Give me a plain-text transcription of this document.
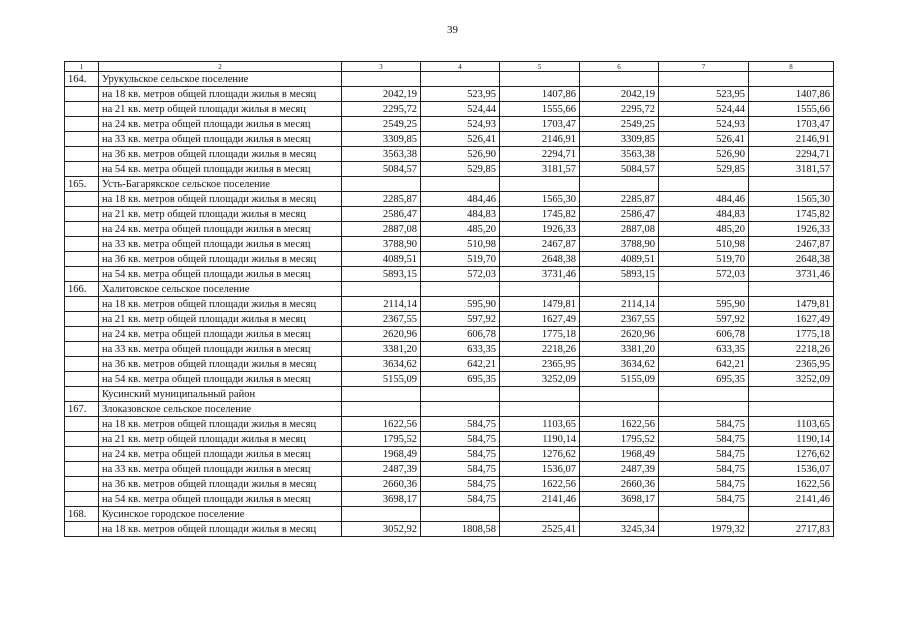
39
1	2	3	4	5	6	7	8
164.	Урукульское сельское поселение						
	на 18 кв. метров общей площади жилья в месяц	2042,19	523,95	1407,86	2042,19	523,95	1407,86
	на 21 кв. метр общей площади жилья в месяц	2295,72	524,44	1555,66	2295,72	524,44	1555,66
	на 24 кв. метра общей площади жилья в месяц	2549,25	524,93	1703,47	2549,25	524,93	1703,47
	на 33 кв. метра общей площади жилья в месяц	3309,85	526,41	2146,91	3309,85	526,41	2146,91
	на 36 кв. метров общей площади жилья в месяц	3563,38	526,90	2294,71	3563,38	526,90	2294,71
	на 54 кв. метра общей площади жилья в месяц	5084,57	529,85	3181,57	5084,57	529,85	3181,57
165.	Усть-Багарякское сельское поселение						
	на 18 кв. метров общей площади жилья в месяц	2285,87	484,46	1565,30	2285,87	484,46	1565,30
	на 21 кв. метр общей площади жилья в месяц	2586,47	484,83	1745,82	2586,47	484,83	1745,82
	на 24 кв. метра общей площади жилья в месяц	2887,08	485,20	1926,33	2887,08	485,20	1926,33
	на 33 кв. метра общей площади жилья в месяц	3788,90	510,98	2467,87	3788,90	510,98	2467,87
	на 36 кв. метров общей площади жилья в месяц	4089,51	519,70	2648,38	4089,51	519,70	2648,38
	на 54 кв. метра общей площади жилья в месяц	5893,15	572,03	3731,46	5893,15	572,03	3731,46
166.	Халитовское сельское поселение						
	на 18 кв. метров общей площади жилья в месяц	2114,14	595,90	1479,81	2114,14	595,90	1479,81
	на 21 кв. метр общей площади жилья в месяц	2367,55	597,92	1627,49	2367,55	597,92	1627,49
	на 24 кв. метра общей площади жилья в месяц	2620,96	606,78	1775,18	2620,96	606,78	1775,18
	на 33 кв. метра общей площади жилья в месяц	3381,20	633,35	2218,26	3381,20	633,35	2218,26
	на 36 кв. метров общей площади жилья в месяц	3634,62	642,21	2365,95	3634,62	642,21	2365,95
	на 54 кв. метра общей площади жилья в месяц	5155,09	695,35	3252,09	5155,09	695,35	3252,09
	Кусинский муниципальный район						
167.	Злоказовское сельское поселение						
	на 18 кв. метров общей площади жилья в месяц	1622,56	584,75	1103,65	1622,56	584,75	1103,65
	на 21 кв. метр общей площади жилья в месяц	1795,52	584,75	1190,14	1795,52	584,75	1190,14
	на 24 кв. метра общей площади жилья в месяц	1968,49	584,75	1276,62	1968,49	584,75	1276,62
	на 33 кв. метра общей площади жилья в месяц	2487,39	584,75	1536,07	2487,39	584,75	1536,07
	на 36 кв. метров общей площади жилья в месяц	2660,36	584,75	1622,56	2660,36	584,75	1622,56
	на 54 кв. метра общей площади жилья в месяц	3698,17	584,75	2141,46	3698,17	584,75	2141,46
168.	Кусинское городское поселение						
	на 18 кв. метров общей площади жилья в месяц	3052,92	1808,58	2525,41	3245,34	1979,32	2717,83
